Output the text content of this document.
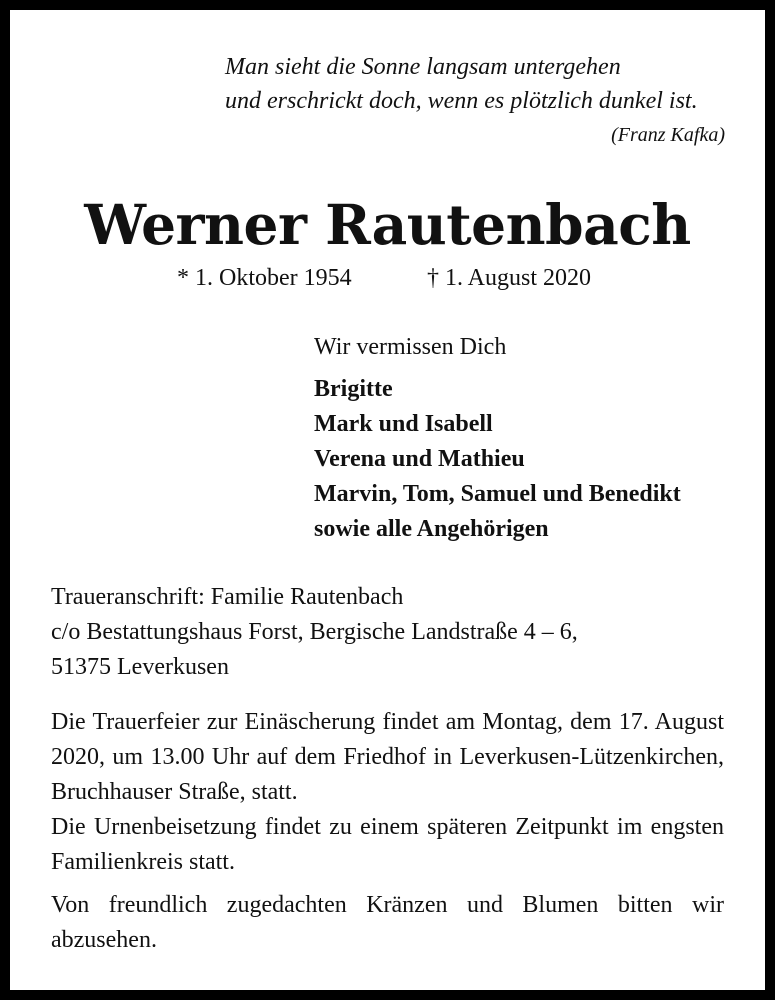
Man sieht die Sonne langsam untergehen
und erschrickt doch, wenn es plötzlich dunkel ist.
(Franz Kafka)
Werner Rautenbach
* 1. Oktober 1954	† 1. August 2020
Wir vermissen Dich
Brigitte
Mark und Isabell
Verena und Mathieu
Marvin, Tom, Samuel und Benedikt
sowie alle Angehörigen
Traueranschrift: Familie Rautenbach
c/o Bestattungshaus Forst, Bergische Landstraße 4 – 6,
51375 Leverkusen

Die Trauerfeier zur Einäscherung findet am Montag, dem 17. August 2020, um 13.00 Uhr auf dem Friedhof in Leverkusen-Lützenkirchen, Bruchhauser Straße, statt.

Die Urnenbeisetzung findet zu einem späteren Zeitpunkt im engsten Familienkreis statt.

Von freundlich zugedachten Kränzen und Blumen bitten wir abzusehen.
